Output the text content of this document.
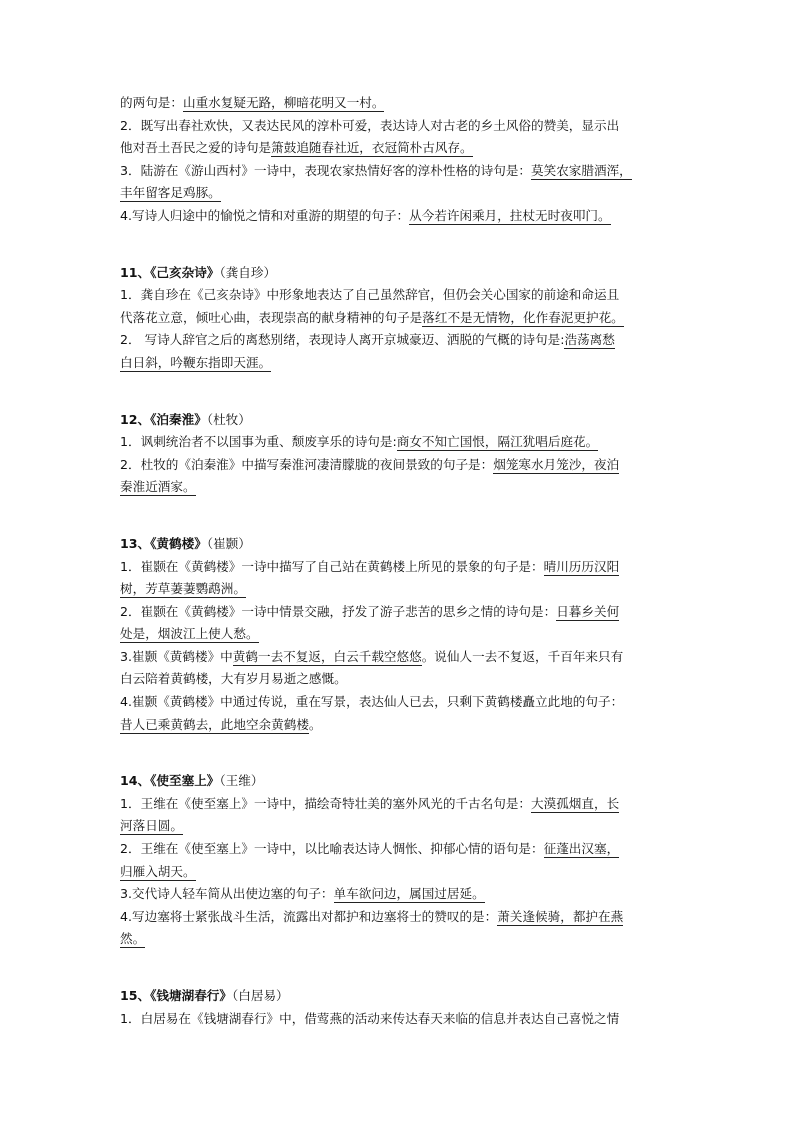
的两句是：山重水复疑无路，柳暗花明又一村。
2．既写出春社欢快，又表达民风的淳朴可爱，表达诗人对古老的乡土风俗的赞美，显示出
他对吾土吾民之爱的诗句是箫鼓追随春社近，衣冠简朴古风存。
3．陆游在《游山西村》一诗中，表现农家热情好客的淳朴性格的诗句是：莫笑农家腊酒浑，
丰年留客足鸡豚。
4.写诗人归途中的愉悦之情和对重游的期望的句子：从今若许闲乘月，拄杖无时夜叩门。
11、《己亥杂诗》（龚自珍）
1．龚自珍在《己亥杂诗》中形象地表达了自己虽然辞官，但仍会关心国家的前途和命运且
代落花立意，倾吐心曲，表现崇高的献身精神的句子是落红不是无情物，化作春泥更护花。
2． 写诗人辞官之后的离愁别绪，表现诗人离开京城豪迈、洒脱的气概的诗句是:浩荡离愁
白日斜，吟鞭东指即天涯。
12、《泊秦淮》（杜牧）
1．讽刺统治者不以国事为重、颓废享乐的诗句是:商女不知亡国恨，隔江犹唱后庭花。
2．杜牧的《泊秦淮》中描写秦淮河凄清朦胧的夜间景致的句子是：烟笼寒水月笼沙，夜泊
秦淮近酒家。
13、《黄鹤楼》（崔颢）
1．崔颢在《黄鹤楼》一诗中描写了自己站在黄鹤楼上所见的景象的句子是：晴川历历汉阳
树，芳草萋萋鹦鹉洲。
2．崔颢在《黄鹤楼》一诗中情景交融，抒发了游子悲苦的思乡之情的诗句是：日暮乡关何
处是，烟波江上使人愁。
3.崔颢《黄鹤楼》中黄鹤一去不复返，白云千载空悠悠。说仙人一去不复返，千百年来只有
白云陪着黄鹤楼，大有岁月易逝之感慨。
4.崔颢《黄鹤楼》中通过传说，重在写景，表达仙人已去，只剩下黄鹤楼矗立此地的句子：
昔人已乘黄鹤去，此地空余黄鹤楼。
14、《使至塞上》（王维）
1．王维在《使至塞上》一诗中，描绘奇特壮美的塞外风光的千古名句是：大漠孤烟直，长
河落日圆。
2．王维在《使至塞上》一诗中，以比喻表达诗人惆怅、抑郁心情的语句是：征蓬出汉塞，
归雁入胡天。
3.交代诗人轻车简从出使边塞的句子：单车欲问边，属国过居延。
4.写边塞将士紧张战斗生活，流露出对都护和边塞将士的赞叹的是：萧关逢候骑，都护在燕
然。
15、《钱塘湖春行》（白居易）
1．白居易在《钱塘湖春行》中，借莺燕的活动来传达春天来临的信息并表达自己喜悦之情
